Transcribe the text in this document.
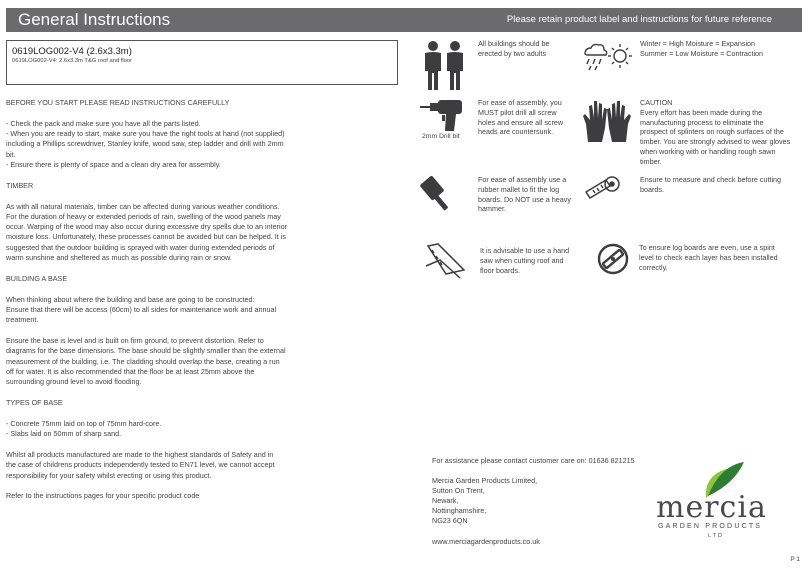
General Instructions	Please retain product label and instructions for future reference
0619LOG002-V4 (2.6x3.3m)
0619LOG002-V4: 2.6x3.3m T&G roof and floor

BEFORE YOU START PLEASE READ INSTRUCTIONS CAREFULLY

- Check the pack and make sure you have all the parts listed.
- When you are ready to start, make sure you have the right tools at hand (not supplied)
including a Phillips screwdriver, Stanley knife, wood saw, step ladder and drill with 2mm
bit.
- Ensure there is plenty of space and a clean dry area for assembly.

TIMBER

As with all natural materials, timber can be affected during various weather conditions.
For the duration of heavy or extended periods of rain, swelling of the wood panels may
occur. Warping of the wood may also occur during excessive dry spells due to an interior
moisture loss. Unfortunately, these processes cannot be avoided but can be helped. It is
suggested that the outdoor building is sprayed with water during extended periods of
warm sunshine and sheltered as much as possible during rain or snow.

BUILDING A BASE

When thinking about where the building and base are going to be constructed:
Ensure that there will be access (60cm) to all sides for maintenance work and annual
treatment.

Ensure the base is level and is built on firm ground, to prevent distortion. Refer to
diagrams for the base dimensions. The base should be slightly smaller than the external
measurement of the building, i.e. The cladding should overlap the base, creating a run
off for water. It is also recommended that the floor be at least 25mm above the
surrounding ground level to avoid flooding.

TYPES OF BASE

- Concrete 75mm laid on top of 75mm hard-core.
- Slabs laid on 50mm of sharp sand.

Whilst all products manufactured are made to the highest standards of Safety and in
the case of childrens products independently tested to EN71 level, we cannot accept
responsibility for your safety whilst erecting or using this product.

Refer to the instructions pages for your specific product code

All buildings should be
erected by two adults
Winter = High Moisture = Expansion
Summer = Low Moisture = Contraction
2mm Drill bit
For ease of assembly, you
MUST pilot drill all screw
holes and ensure all screw
heads are countersunk.
CAUTION
Every effort has been made during the
manufacturing process to eliminate the
prospect of splinters on rough surfaces of the
timber. You are strongly advised to wear gloves
when working with or handling rough sawn
timber.
For ease of assembly use a
rubber mallet to fit the log
boards. Do NOT use a heavy
hammer.
Ensure to measure and check before cutting
boards.
It is advisable to use a hand
saw when cutting roof and
floor boards.
To ensure log boards are even, use a spirit
level to check each layer has been installed
correctly.
For assistance please contact customer care on: 01636 821215
Mercia Garden Products Limited,
Sutton On Trent,
Newark,
Nottinghamshire,
NG23 6QN
www.merciagardenproducts.co.uk
mercia
GARDEN PRODUCTS
LTD
P 1
